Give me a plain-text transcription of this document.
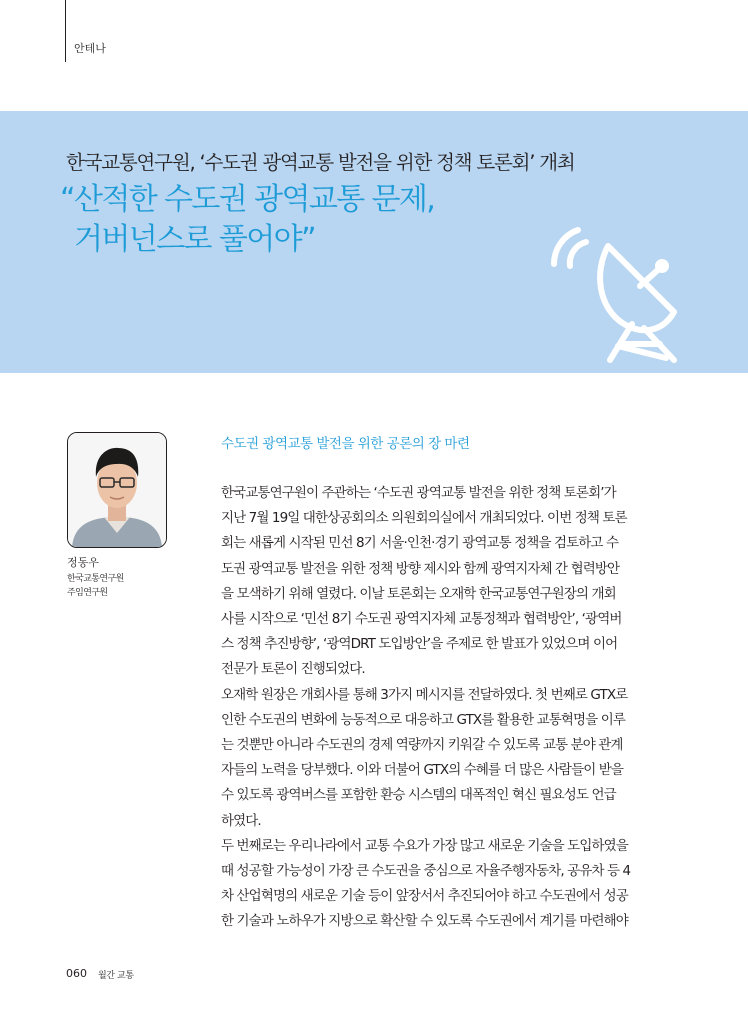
안테나
한국교통연구원, ‘수도권 광역교통 발전을 위한 정책 토론회’ 개최
“산적한 수도권 광역교통 문제,
거버넌스로 풀어야”
정동우
한국교통연구원
주임연구원
수도권 광역교통 발전을 위한 공론의 장 마련
한국교통연구원이 주관하는 ‘수도권 광역교통 발전을 위한 정책 토론회’가
지난 7월 19일 대한상공회의소 의원회의실에서 개최되었다. 이번 정책 토론
회는 새롭게 시작된 민선 8기 서울·인천·경기 광역교통 정책을 검토하고 수
도권 광역교통 발전을 위한 정책 방향 제시와 함께 광역지자체 간 협력방안
을 모색하기 위해 열렸다. 이날 토론회는 오재학 한국교통연구원장의 개회
사를 시작으로 ‘민선 8기 수도권 광역지자체 교통정책과 협력방안’, ‘광역버
스 정책 추진방향’, ‘광역DRT 도입방안’을 주제로 한 발표가 있었으며 이어
전문가 토론이 진행되었다.
오재학 원장은 개회사를 통해 3가지 메시지를 전달하였다. 첫 번째로 GTX로
인한 수도권의 변화에 능동적으로 대응하고 GTX를 활용한 교통혁명을 이루
는 것뿐만 아니라 수도권의 경제 역량까지 키워갈 수 있도록 교통 분야 관계
자들의 노력을 당부했다. 이와 더불어 GTX의 수혜를 더 많은 사람들이 받을
수 있도록 광역버스를 포함한 환승 시스템의 대폭적인 혁신 필요성도 언급
하였다.
두 번째로는 우리나라에서 교통 수요가 가장 많고 새로운 기술을 도입하였을
때 성공할 가능성이 가장 큰 수도권을 중심으로 자율주행자동차, 공유차 등 4
차 산업혁명의 새로운 기술 등이 앞장서서 추진되어야 하고 수도권에서 성공
한 기술과 노하우가 지방으로 확산할 수 있도록 수도권에서 계기를 마련해야
060 월간 교통
